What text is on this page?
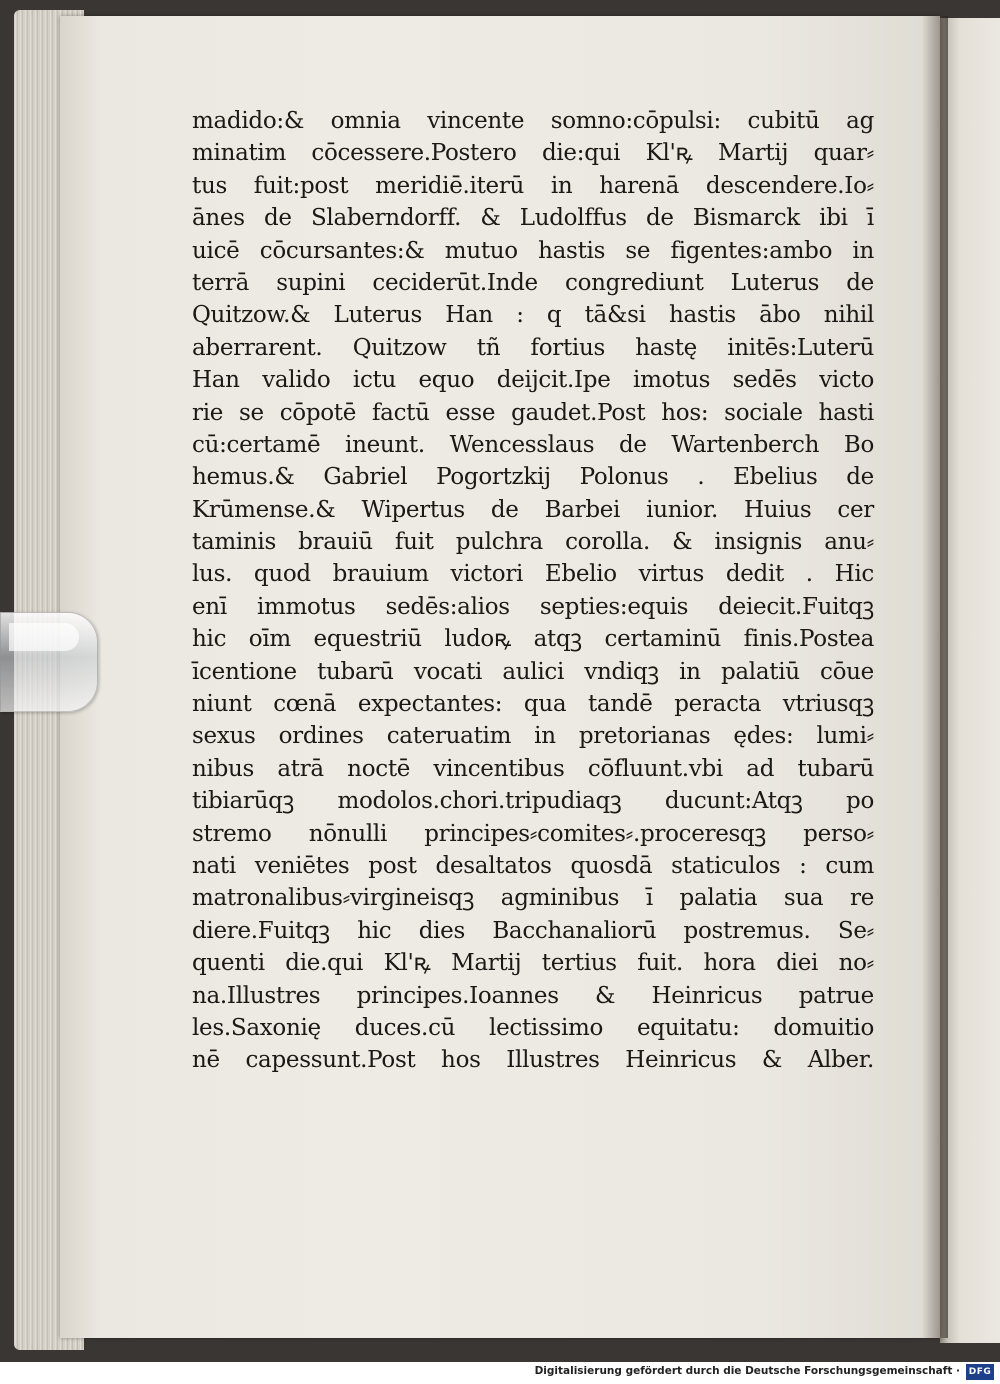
madido:& omnia vincente somno:cōpulsi: cubitū ag
minatim cōcessere.Postero die:qui Kl'ꝶ Martij quar⸗
tus fuit:post meridiē.iterū in harenā descendere.Io⸗
ānes de Slaberndorff. & Ludolffus de Bismarck ibi ī
uicē cōcursantes:& mutuo hastis se figentes:ambo in
terrā supini ceciderūt.Inde congrediunt Luterus de
Quitzow.& Luterus Han : q tā&si hastis ābo nihil
aberrarent. Quitzow tñ fortius hastę initēs:Luterū
Han valido ictu equo deijcit.Ipe imotus sedēs victo
rie se cōpotē factū esse gaudet.Post hos: sociale hasti
cū:certamē ineunt. Wencesslaus de Wartenberch Bo
hemus.& Gabriel Pogortzkij Polonus . Ebelius de
Krūmense.& Wipertus de Barbei iunior. Huius cer
taminis brauiū fuit pulchra corolla. & insignis anu⸗
lus. quod brauium victori Ebelio virtus dedit . Hic
enī immotus sedēs:alios septies:equis deiecit.Fuitqꝫ
hic oīm equestriū ludoꝶ atqꝫ certaminū finis.Postea
īcentione tubarū vocati aulici vndiqꝫ in palatiū cōue
niunt cœnā expectantes: qua tandē peracta vtriusqꝫ
sexus ordines cateruatim in pretorianas ędes: lumi⸗
nibus atrā noctē vincentibus cōfluunt.vbi ad tubarū
tibiarūqꝫ modolos.chori.tripudiaqꝫ ducunt:Atqꝫ po
stremo nōnulli principes⸗comites⸗.proceresqꝫ perso⸗
nati veniētes post desaltatos quosdā staticulos : cum
matronalibus⸗virgineisqꝫ agminibus ī palatia sua re
diere.Fuitqꝫ hic dies Bacchanaliorū postremus. Se⸗
quenti die.qui Kl'ꝶ Martij tertius fuit. hora diei no⸗
na.Illustres principes.Ioannes & Heinricus patrue
les.Saxonię duces.cū lectissimo equitatu: domuitio
nē capessunt.Post hos Illustres Heinricus & Alber.
Digitalisierung gefördert durch die Deutsche Forschungsgemeinschaft · DFG
